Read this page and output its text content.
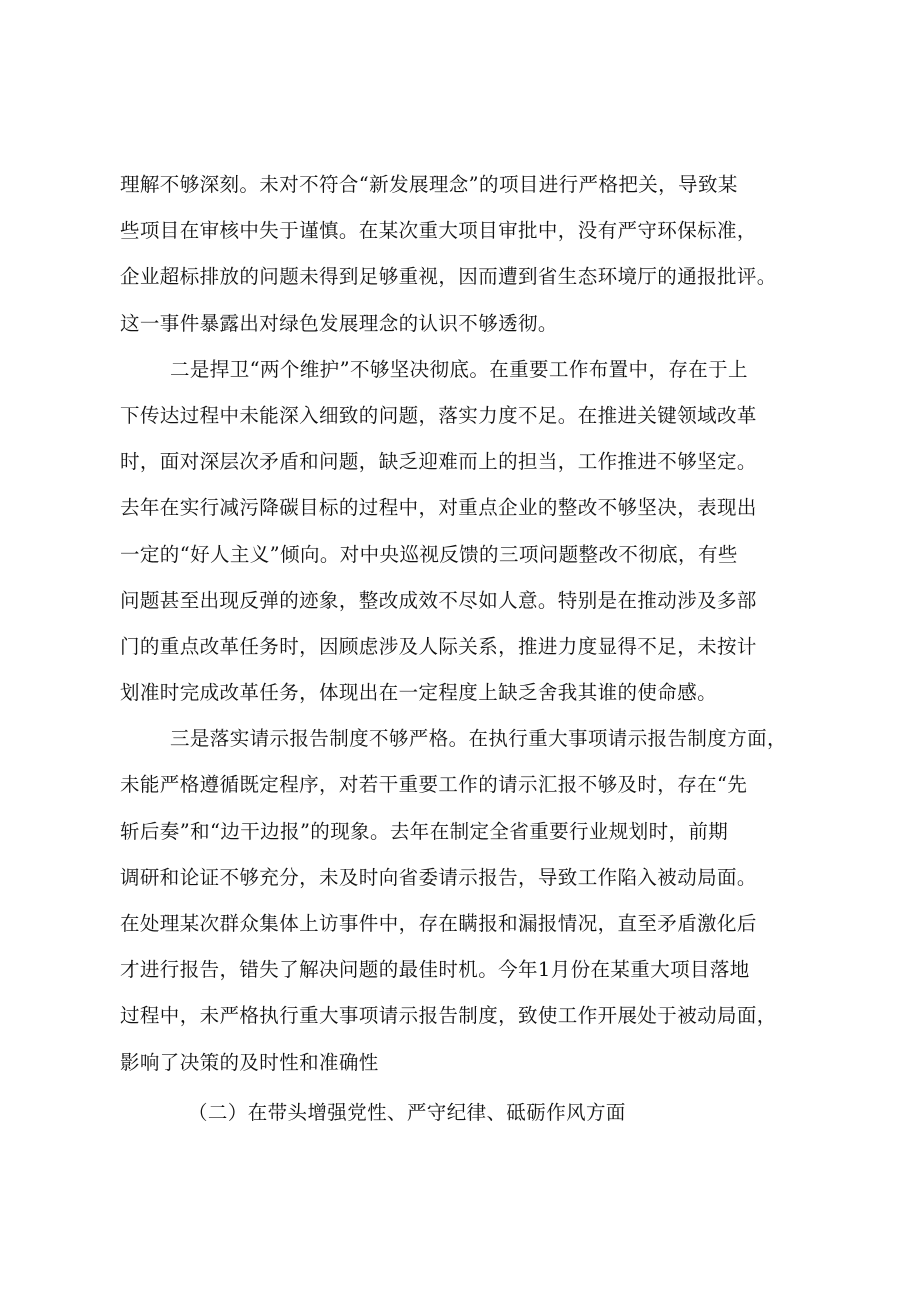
理解不够深刻。未对不符合“新发展理念”的项目进行严格把关，导致某
些项目在审核中失于谨慎。在某次重大项目审批中，没有严守环保标准，
企业超标排放的问题未得到足够重视，因而遭到省生态环境厅的通报批评。
这一事件暴露出对绿色发展理念的认识不够透彻。
二是捍卫“两个维护”不够坚决彻底。在重要工作布置中，存在于上
下传达过程中未能深入细致的问题，落实力度不足。在推进关键领域改革
时，面对深层次矛盾和问题，缺乏迎难而上的担当，工作推进不够坚定。
去年在实行减污降碳目标的过程中，对重点企业的整改不够坚决，表现出
一定的“好人主义”倾向。对中央巡视反馈的三项问题整改不彻底，有些
问题甚至出现反弹的迹象，整改成效不尽如人意。特别是在推动涉及多部
门的重点改革任务时，因顾虑涉及人际关系，推进力度显得不足，未按计
划准时完成改革任务，体现出在一定程度上缺乏舍我其谁的使命感。
三是落实请示报告制度不够严格。在执行重大事项请示报告制度方面，
未能严格遵循既定程序，对若干重要工作的请示汇报不够及时，存在“先
斩后奏”和“边干边报”的现象。去年在制定全省重要行业规划时，前期
调研和论证不够充分，未及时向省委请示报告，导致工作陷入被动局面。
在处理某次群众集体上访事件中，存在瞒报和漏报情况，直至矛盾激化后
才进行报告，错失了解决问题的最佳时机。今年1月份在某重大项目落地
过程中，未严格执行重大事项请示报告制度，致使工作开展处于被动局面，
影响了决策的及时性和准确性
（二）在带头增强党性、严守纪律、砥砺作风方面
